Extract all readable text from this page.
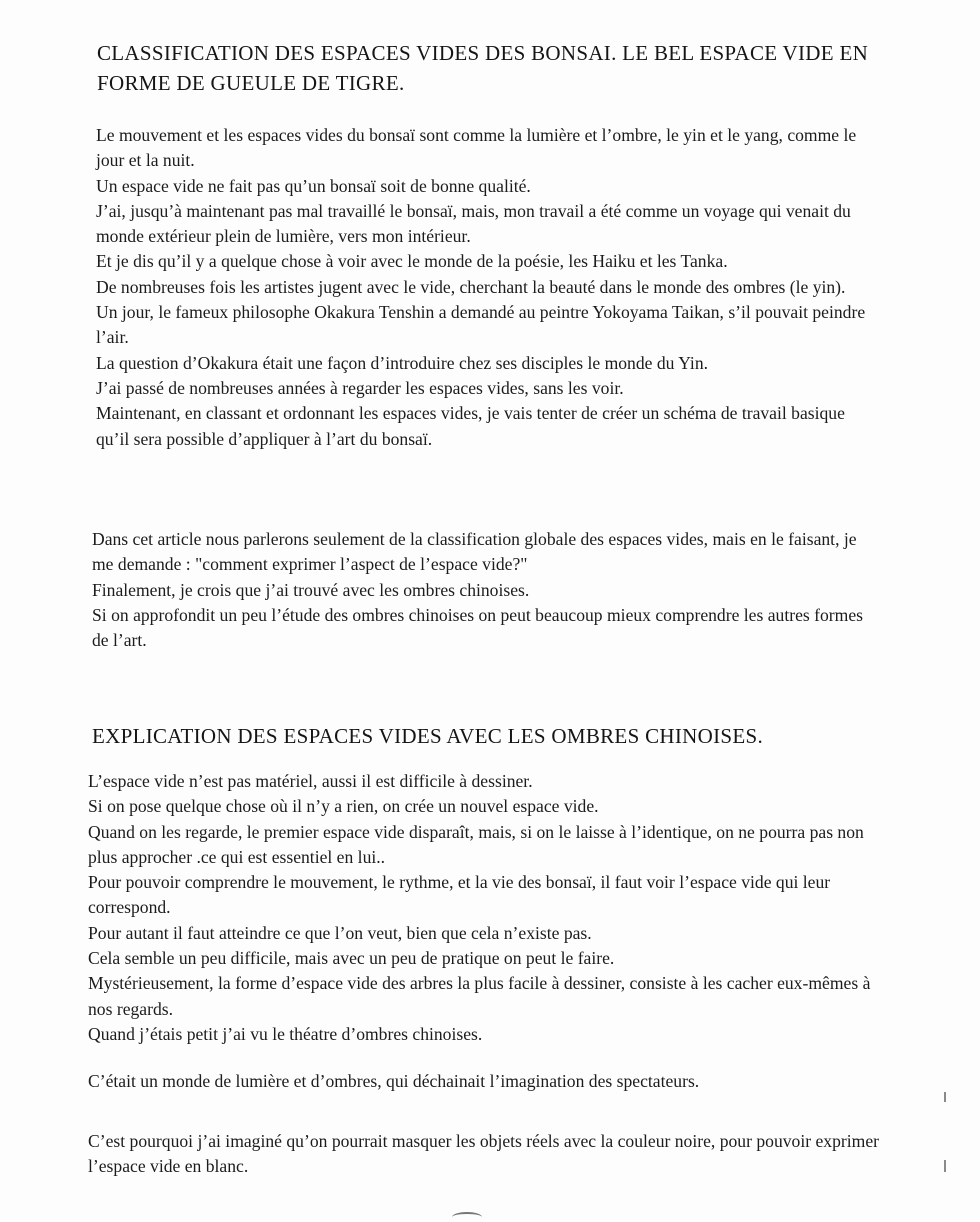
CLASSIFICATION DES ESPACES VIDES DES BONSAI. LE BEL ESPACE VIDE EN FORME DE GUEULE DE TIGRE.

Le mouvement et les espaces vides du bonsaï sont comme la lumière et l’ombre, le yin et le yang, comme le jour et la nuit.

Un espace vide ne fait pas qu’un bonsaï soit de bonne qualité.

J’ai, jusqu’à maintenant pas mal travaillé le bonsaï, mais, mon travail a été comme un voyage qui venait du monde extérieur plein de lumière, vers mon intérieur.

Et je dis qu’il y a quelque chose à voir avec le monde de la poésie, les Haiku et les Tanka.

De nombreuses fois les artistes jugent avec le vide, cherchant la beauté dans le monde des ombres (le yin).

Un jour, le fameux philosophe Okakura Tenshin a demandé au peintre Yokoyama Taikan, s’il pouvait peindre l’air.

La question d’Okakura était une façon d’introduire chez ses disciples le monde du Yin.

J’ai passé de nombreuses années à regarder les espaces vides, sans les voir.

Maintenant, en classant et ordonnant les espaces vides, je vais tenter de créer un schéma de travail basique qu’il sera possible d’appliquer à l’art du bonsaï.

Dans cet article nous parlerons seulement de la classification globale des espaces vides, mais en le faisant, je me demande : "comment exprimer l’aspect de l’espace vide?"

Finalement, je crois que j’ai trouvé avec les ombres chinoises.

Si on approfondit un peu l’étude des ombres chinoises on peut beaucoup mieux comprendre les autres formes de l’art.

EXPLICATION DES ESPACES VIDES AVEC LES OMBRES CHINOISES.

L’espace vide n’est pas matériel, aussi il est difficile à dessiner.

Si on pose quelque chose où il n’y a rien, on crée un nouvel espace vide.

Quand on les regarde, le premier espace vide disparaît, mais, si on le laisse à l’identique, on ne pourra pas non plus approcher .ce qui est essentiel en lui..

Pour pouvoir comprendre le mouvement, le rythme, et la vie des bonsaï, il faut voir l’espace vide qui leur correspond.

Pour autant il faut atteindre ce que l’on veut, bien que cela n’existe pas.

Cela semble un peu difficile, mais avec un peu de pratique on peut le faire.

Mystérieusement, la forme d’espace vide des arbres la plus facile à dessiner, consiste à les cacher eux-mêmes à nos regards.

Quand j’étais petit j’ai vu le théatre d’ombres chinoises.

C’était un monde de lumière et d’ombres, qui déchainait l’imagination des spectateurs.

C’est pourquoi j’ai imaginé qu’on pourrait masquer les objets réels avec la couleur noire, pour pouvoir exprimer l’espace vide en blanc.
